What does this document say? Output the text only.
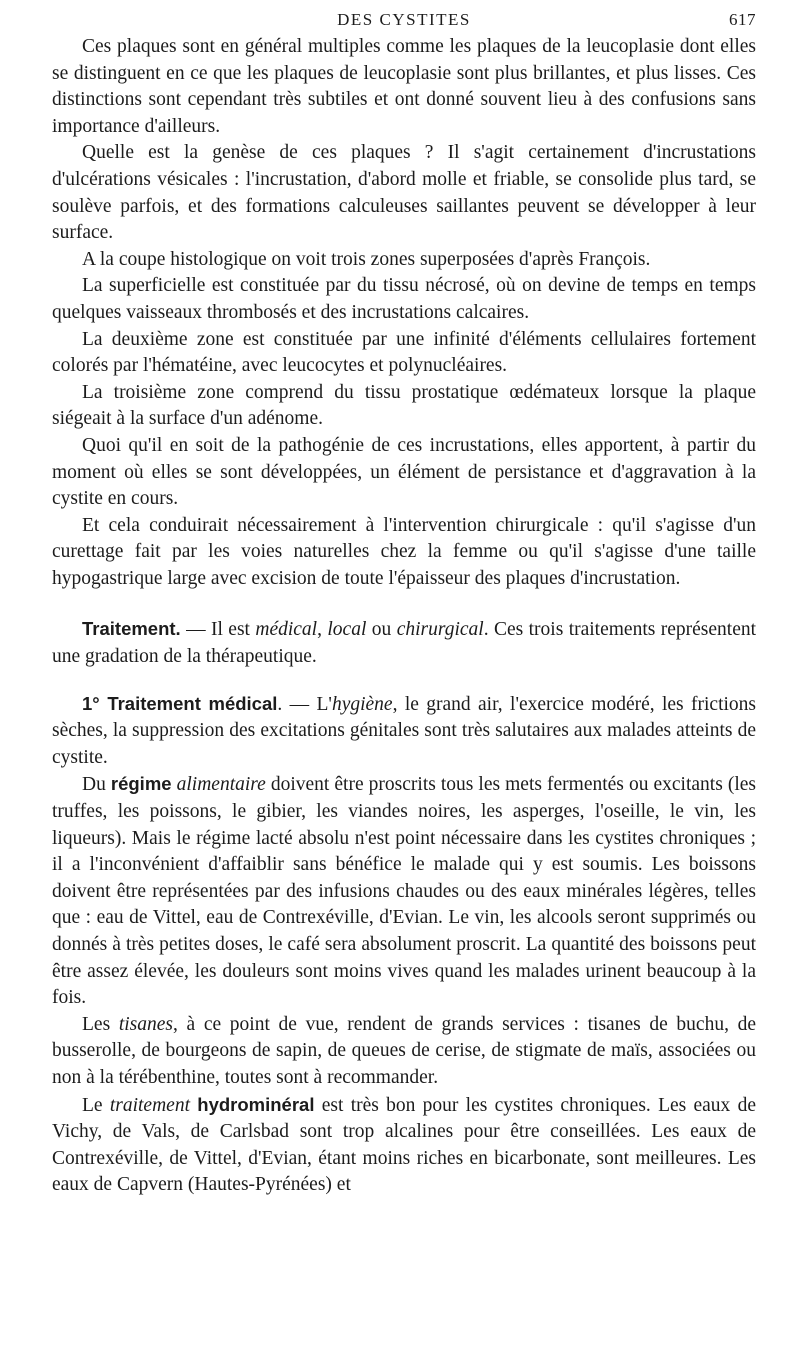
DES CYSTITES	617

Ces plaques sont en général multiples comme les plaques de la leucoplasie dont elles se distinguent en ce que les plaques de leucoplasie sont plus brillantes, et plus lisses. Ces distinctions sont cependant très subtiles et ont donné souvent lieu à des confusions sans importance d'ailleurs.

Quelle est la genèse de ces plaques ? Il s'agit certainement d'incrustations d'ulcérations vésicales : l'incrustation, d'abord molle et friable, se consolide plus tard, se soulève parfois, et des formations calculeuses saillantes peuvent se développer à leur surface.

A la coupe histologique on voit trois zones superposées d'après François.

La superficielle est constituée par du tissu nécrosé, où on devine de temps en temps quelques vaisseaux thrombosés et des incrustations calcaires.

La deuxième zone est constituée par une infinité d'éléments cellulaires fortement colorés par l'hématéine, avec leucocytes et polynucléaires.

La troisième zone comprend du tissu prostatique œdémateux lorsque la plaque siégeait à la surface d'un adénome.

Quoi qu'il en soit de la pathogénie de ces incrustations, elles apportent, à partir du moment où elles se sont développées, un élément de persistance et d'aggravation à la cystite en cours.

Et cela conduirait nécessairement à l'intervention chirurgicale : qu'il s'agisse d'un curettage fait par les voies naturelles chez la femme ou qu'il s'agisse d'une taille hypogastrique large avec excision de toute l'épaisseur des plaques d'incrustation.

Traitement. — Il est médical, local ou chirurgical. Ces trois traitements représentent une gradation de la thérapeutique.

1° Traitement médical. — L'hygiène, le grand air, l'exercice modéré, les frictions sèches, la suppression des excitations génitales sont très salutaires aux malades atteints de cystite.

Du régime alimentaire doivent être proscrits tous les mets fermentés ou excitants (les truffes, les poissons, le gibier, les viandes noires, les asperges, l'oseille, le vin, les liqueurs). Mais le régime lacté absolu n'est point nécessaire dans les cystites chroniques ; il a l'inconvénient d'affaiblir sans bénéfice le malade qui y est soumis. Les boissons doivent être représentées par des infusions chaudes ou des eaux minérales légères, telles que : eau de Vittel, eau de Contrexéville, d'Evian. Le vin, les alcools seront supprimés ou donnés à très petites doses, le café sera absolument proscrit. La quantité des boissons peut être assez élevée, les douleurs sont moins vives quand les malades urinent beaucoup à la fois.

Les tisanes, à ce point de vue, rendent de grands services : tisanes de buchu, de busserolle, de bourgeons de sapin, de queues de cerise, de stigmate de maïs, associées ou non à la térébenthine, toutes sont à recommander.

Le traitement hydrominéral est très bon pour les cystites chroniques. Les eaux de Vichy, de Vals, de Carlsbad sont trop alcalines pour être conseillées. Les eaux de Contrexéville, de Vittel, d'Evian, étant moins riches en bicarbonate, sont meilleures. Les eaux de Capvern (Hautes-Pyrénées) et
